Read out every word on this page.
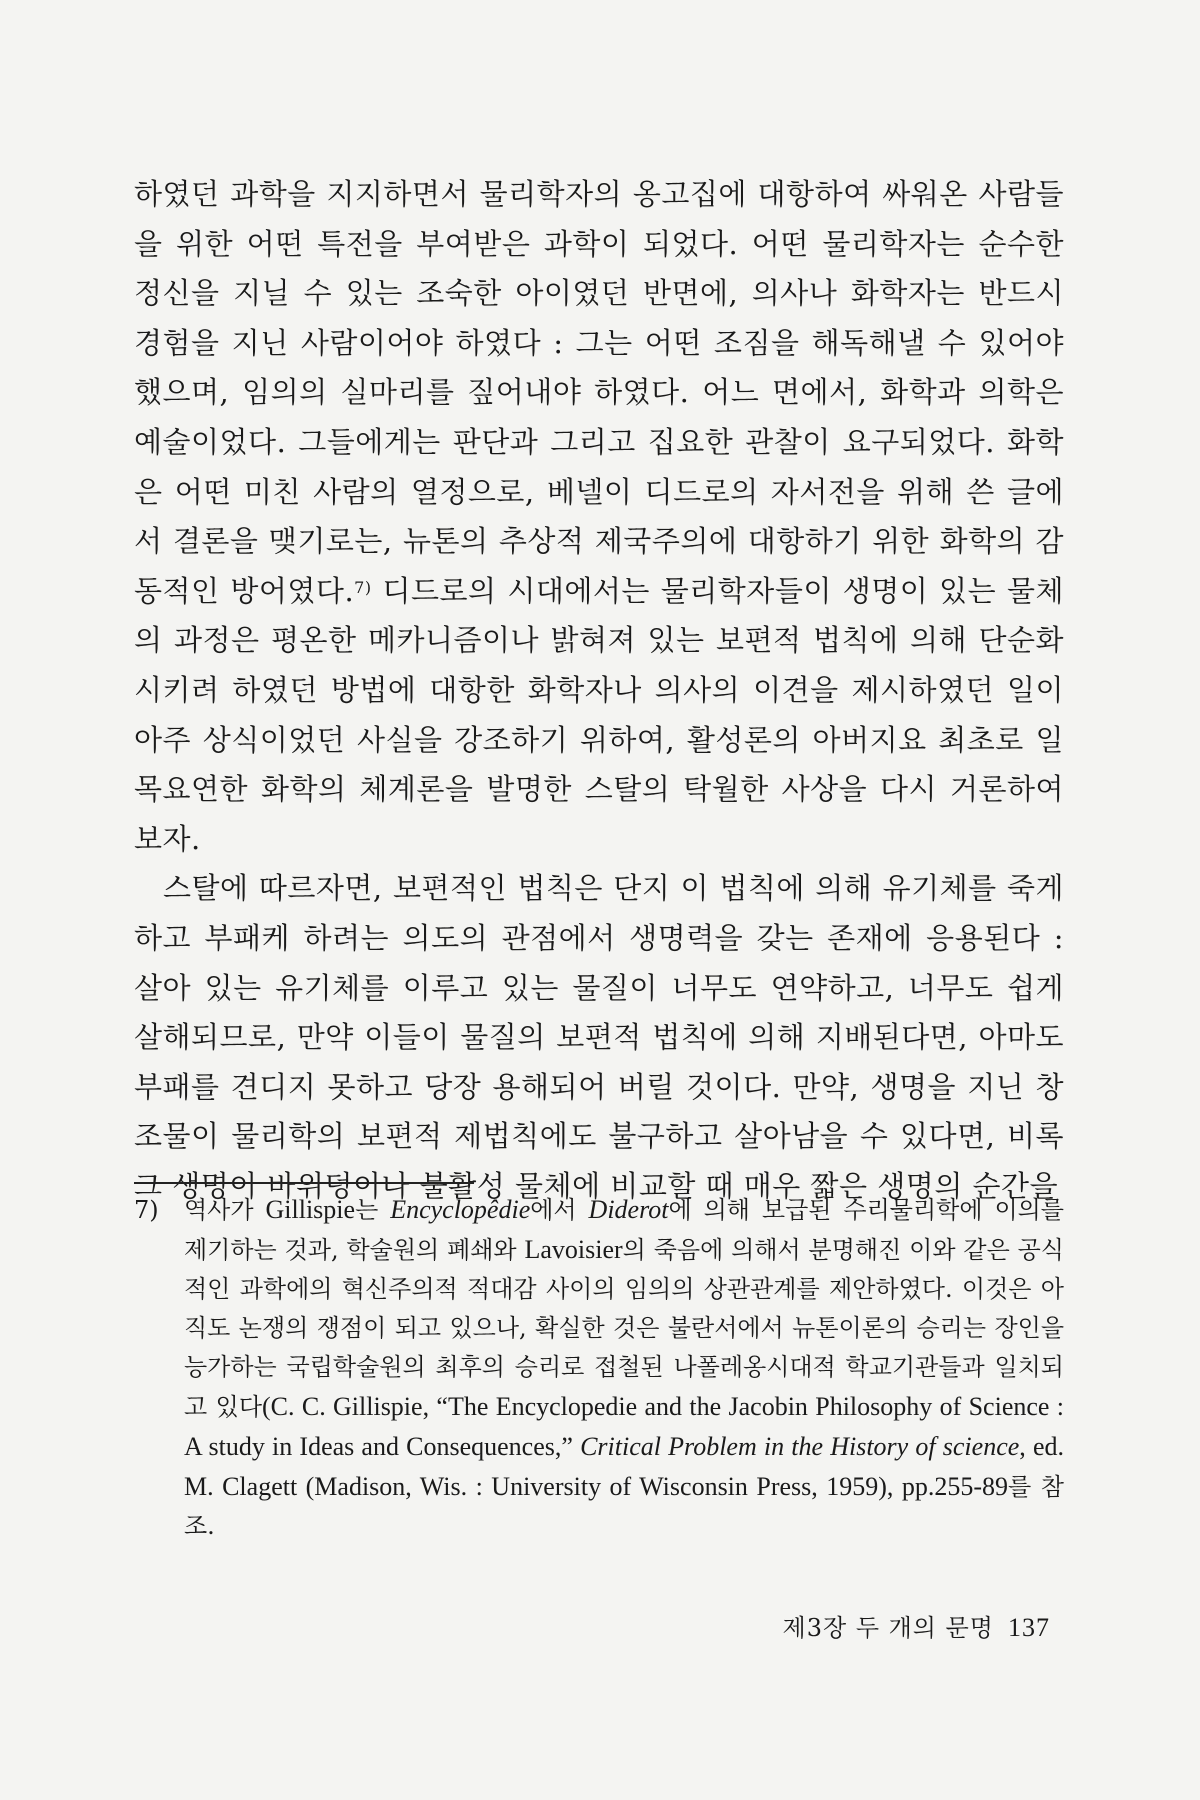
하였던 과학을 지지하면서 물리학자의 옹고집에 대항하여 싸워온 사람들을 위한 어떤 특전을 부여받은 과학이 되었다. 어떤 물리학자는 순수한 정신을 지닐 수 있는 조숙한 아이였던 반면에, 의사나 화학자는 반드시 경험을 지닌 사람이어야 하였다 : 그는 어떤 조짐을 해독해낼 수 있어야 했으며, 임의의 실마리를 짚어내야 하였다. 어느 면에서, 화학과 의학은 예술이었다. 그들에게는 판단과 그리고 집요한 관찰이 요구되었다. 화학은 어떤 미친 사람의 열정으로, 베넬이 디드로의 자서전을 위해 쓴 글에서 결론을 맺기로는, 뉴톤의 추상적 제국주의에 대항하기 위한 화학의 감동적인 방어였다.$^{7)}$ 디드로의 시대에서는 물리학자들이 생명이 있는 물체의 과정은 평온한 메카니즘이나 밝혀져 있는 보편적 법칙에 의해 단순화시키려 하였던 방법에 대항한 화학자나 의사의 이견을 제시하였던 일이 아주 상식이었던 사실을 강조하기 위하여, 활성론의 아버지요 최초로 일목요연한 화학의 체계론을 발명한 스탈의 탁월한 사상을 다시 거론하여 보자.

스탈에 따르자면, 보편적인 법칙은 단지 이 법칙에 의해 유기체를 죽게 하고 부패케 하려는 의도의 관점에서 생명력을 갖는 존재에 응용된다 : 살아 있는 유기체를 이루고 있는 물질이 너무도 연약하고, 너무도 쉽게 살해되므로, 만약 이들이 물질의 보편적 법칙에 의해 지배된다면, 아마도 부패를 견디지 못하고 당장 용해되어 버릴 것이다. 만약, 생명을 지닌 창조물이 물리학의 보편적 제법칙에도 불구하고 살아남을 수 있다면, 비록 그 생명이 바위덩이나 불활성 물체에 비교할 때 매우 짧은 생명의 순간을

7) 역사가 Gillispie는 Encyclopêdie에서 Diderot에 의해 보급된 수리물리학에 이의를 제기하는 것과, 학술원의 폐쇄와 Lavoisier의 죽음에 의해서 분명해진 이와 같은 공식적인 과학에의 혁신주의적 적대감 사이의 임의의 상관관계를 제안하였다. 이것은 아직도 논쟁의 쟁점이 되고 있으나, 확실한 것은 불란서에서 뉴톤이론의 승리는 장인을 능가하는 국립학술원의 최후의 승리로 접철된 나폴레옹시대적 학교기관들과 일치되고 있다(C. C. Gillispie, “The Encyclopedie and the Jacobin Philosophy of Science : A study in Ideas and Consequences,” Critical Problem in the History of science, ed. M. Clagett (Madison, Wis. : University of Wisconsin Press, 1959), pp.255-89를 참조.
제3장 두 개의 문명 137
